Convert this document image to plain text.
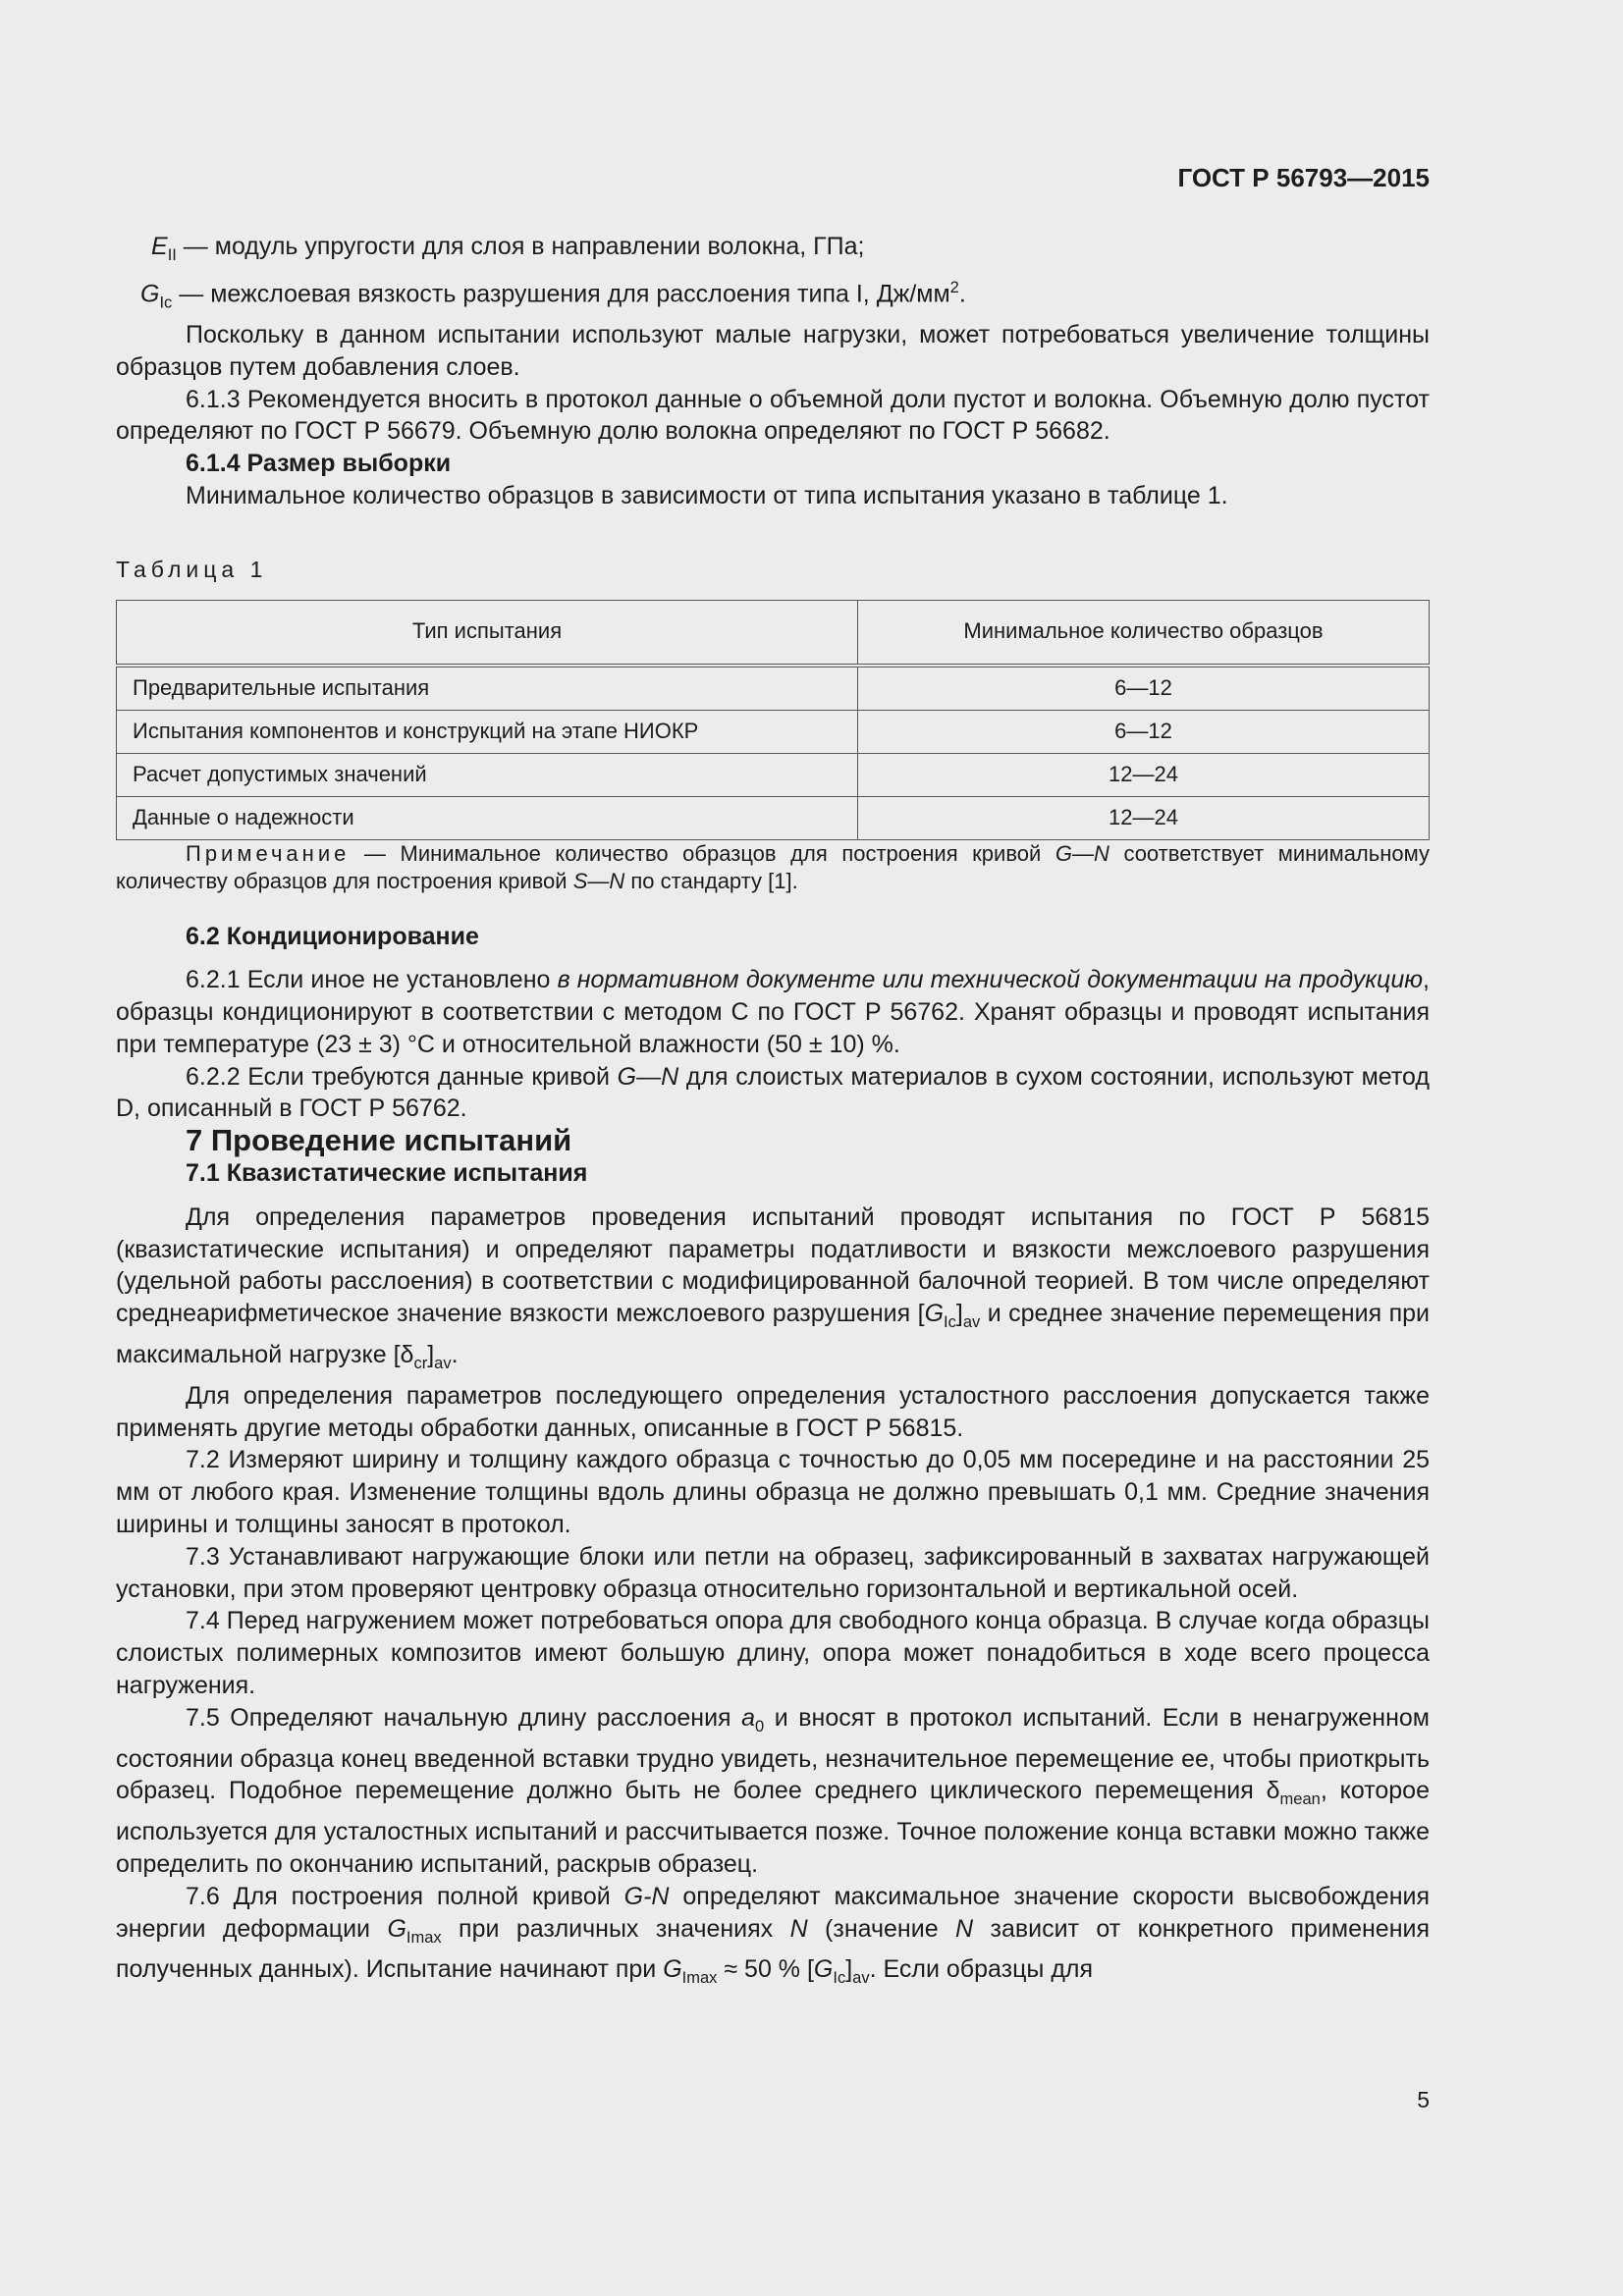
ГОСТ Р 56793—2015

$E_{II}$ — модуль упругости для слоя в направлении волокна, ГПа;

$G_{Ic}$ — межслоевая вязкость разрушения для расслоения типа I, $Дж/мм^2$.

Поскольку в данном испытании используют малые нагрузки, может потребоваться увеличение толщины образцов путем добавления слоев.

6.1.3 Рекомендуется вносить в протокол данные о объемной доли пустот и волокна. Объемную долю пустот определяют по ГОСТ Р 56679. Объемную долю волокна определяют по ГОСТ Р 56682.

6.1.4 Размер выборки

Минимальное количество образцов в зависимости от типа испытания указано в таблице 1.

Таблица 1
Тип испытания	Минимальное количество образцов
Предварительные испытания	6—12
Испытания компонентов и конструкций на этапе НИОКР	6—12
Расчет допустимых значений	12—24
Данные о надежности	12—24

Примечание — Минимальное количество образцов для построения кривой G—N соответствует минимальному количеству образцов для построения кривой S—N по стандарту [1].

6.2 Кондиционирование

6.2.1 Если иное не установлено в нормативном документе или технической документации на продукцию, образцы кондиционируют в соответствии с методом С по ГОСТ Р 56762. Хранят образцы и проводят испытания при температуре (23 ± 3) °С и относительной влажности (50 ± 10) %.

6.2.2 Если требуются данные кривой G—N для слоистых материалов в сухом состоянии, используют метод D, описанный в ГОСТ Р 56762.

7 Проведение испытаний

7.1 Квазистатические испытания

Для определения параметров проведения испытаний проводят испытания по ГОСТ Р 56815 (квазистатические испытания) и определяют параметры податливости и вязкости межслоевого разрушения (удельной работы расслоения) в соответствии с модифицированной балочной теорией. В том числе определяют среднеарифметическое значение вязкости межслоевого разрушения $[G_{Ic}]_{av}$ и среднее значение перемещения при максимальной нагрузке $[\delta_{cr}]_{av}$.

Для определения параметров последующего определения усталостного расслоения допускается также применять другие методы обработки данных, описанные в ГОСТ Р 56815.

7.2 Измеряют ширину и толщину каждого образца с точностью до 0,05 мм посередине и на расстоянии 25 мм от любого края. Изменение толщины вдоль длины образца не должно превышать 0,1 мм. Средние значения ширины и толщины заносят в протокол.

7.3 Устанавливают нагружающие блоки или петли на образец, зафиксированный в захватах нагружающей установки, при этом проверяют центровку образца относительно горизонтальной и вертикальной осей.

7.4 Перед нагружением может потребоваться опора для свободного конца образца. В случае когда образцы слоистых полимерных композитов имеют большую длину, опора может понадобиться в ходе всего процесса нагружения.

7.5 Определяют начальную длину расслоения $a_0$ и вносят в протокол испытаний. Если в ненагруженном состоянии образца конец введенной вставки трудно увидеть, незначительное перемещение ее, чтобы приоткрыть образец. Подобное перемещение должно быть не более среднего циклического перемещения $\delta_{mean}$, которое используется для усталостных испытаний и рассчитывается позже. Точное положение конца вставки можно также определить по окончанию испытаний, раскрыв образец.

7.6 Для построения полной кривой G-N определяют максимальное значение скорости высвобождения энергии деформации $G_{Imax}$ при различных значениях N (значение N зависит от конкретного применения полученных данных). Испытание начинают при $G_{Imax} \approx 50$ % $[G_{Ic}]_{av}$. Если образцы для

5
